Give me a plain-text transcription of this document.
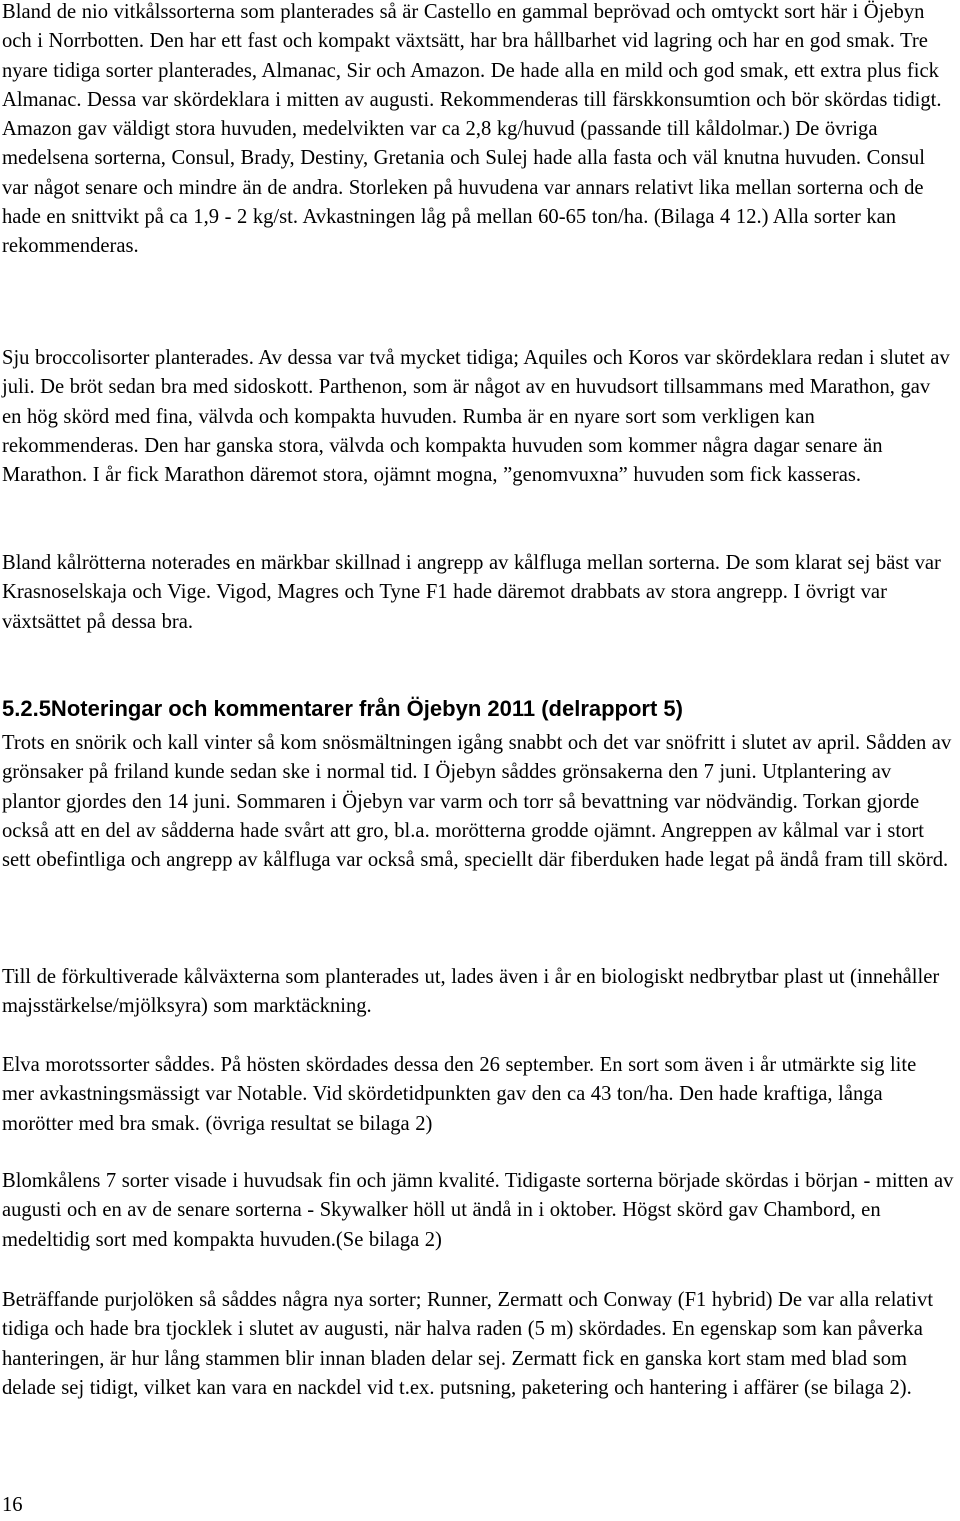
Bland de nio vitkålssorterna som planterades så är Castello en gammal beprövad och omtyckt sort här i Öjebyn och i Norrbotten. Den har ett fast och kompakt växtsätt, har bra hållbarhet vid lagring och har en god smak. Tre nyare tidiga sorter planterades, Almanac, Sir och Amazon. De hade alla en mild och god smak, ett extra plus fick Almanac. Dessa var skördeklara i mitten av augusti. Rekommenderas till färskkonsumtion och bör skördas tidigt. Amazon gav väldigt stora huvuden, medelvikten var ca 2,8 kg/huvud (passande till kåldolmar.) De övriga medelsena sorterna, Consul, Brady, Destiny, Gretania och Sulej hade alla fasta och väl knutna huvuden. Consul var något senare och mindre än de andra. Storleken på huvudena var annars relativt lika mellan sorterna och de hade en snittvikt på ca 1,9 - 2 kg/st. Avkastningen låg på mellan 60-65 ton/ha. (Bilaga 4 12.) Alla sorter kan rekommenderas.

Sju broccolisorter planterades. Av dessa var två mycket tidiga; Aquiles och Koros var skördeklara redan i slutet av juli. De bröt sedan bra med sidoskott. Parthenon, som är något av en huvudsort tillsammans med Marathon, gav en hög skörd med fina, välvda och kompakta huvuden. Rumba är en nyare sort som verkligen kan rekommenderas. Den har ganska stora, välvda och kompakta huvuden som kommer några dagar senare än Marathon. I år fick Marathon däremot stora, ojämnt mogna, ”genomvuxna” huvuden som fick kasseras.

Bland kålrötterna noterades en märkbar skillnad i angrepp av kålfluga mellan sorterna. De som klarat sej bäst var Krasnoselskaja och Vige. Vigod, Magres och Tyne F1 hade däremot drabbats av stora angrepp. I övrigt var växtsättet på dessa bra.

5.2.5Noteringar och kommentarer från Öjebyn 2011 (delrapport 5)

Trots en snörik och kall vinter så kom snösmältningen igång snabbt och det var snöfritt i slutet av april. Sådden av grönsaker på friland kunde sedan ske i normal tid. I Öjebyn såddes grönsakerna den 7 juni. Utplantering av plantor gjordes den 14 juni. Sommaren i Öjebyn var varm och torr så bevattning var nödvändig. Torkan gjorde också att en del av sådderna hade svårt att gro, bl.a. morötterna grodde ojämnt. Angreppen av kålmal var i stort sett obefintliga och angrepp av kålfluga var också små, speciellt där fiberduken hade legat på ändå fram till skörd.

Till de förkultiverade kålväxterna som planterades ut, lades även i år en biologiskt nedbrytbar plast ut (innehåller majsstärkelse/mjölksyra) som marktäckning.

Elva morotssorter såddes. På hösten skördades dessa den 26 september. En sort som även i år utmärkte sig lite mer avkastningsmässigt var Notable. Vid skördetidpunkten gav den ca 43 ton/ha. Den hade kraftiga, långa morötter med bra smak. (övriga resultat se bilaga 2)

Blomkålens 7 sorter visade i huvudsak fin och jämn kvalité. Tidigaste sorterna började skördas i början - mitten av augusti och en av de senare sorterna - Skywalker höll ut ändå in i oktober. Högst skörd gav Chambord, en medeltidig sort med kompakta huvuden.(Se bilaga 2)

Beträffande purjolöken så såddes några nya sorter; Runner, Zermatt och Conway (F1 hybrid) De var alla relativt tidiga och hade bra tjocklek i slutet av augusti, när halva raden (5 m) skördades. En egenskap som kan påverka hanteringen, är hur lång stammen blir innan bladen delar sej. Zermatt fick en ganska kort stam med blad som delade sej tidigt, vilket kan vara en nackdel vid t.ex. putsning, paketering och hantering i affärer (se bilaga 2).

16
